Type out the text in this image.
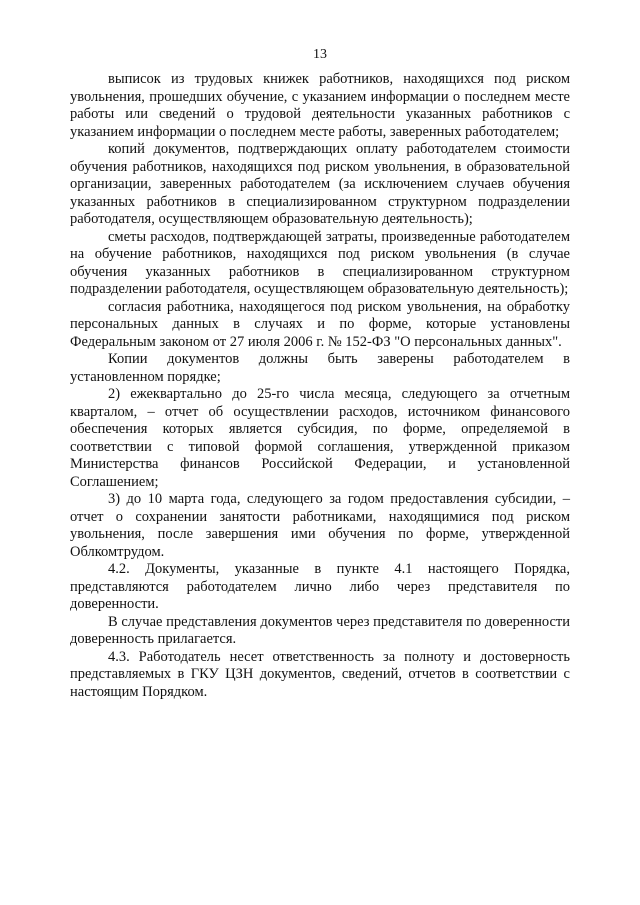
13

выписок из трудовых книжек работников, находящихся под риском увольнения, прошедших обучение, с указанием информации о последнем месте работы или сведений о трудовой деятельности указанных работников с указанием информации о последнем месте работы, заверенных работодателем;

копий документов, подтверждающих оплату работодателем стоимости обучения работников, находящихся под риском увольнения, в образовательной организации, заверенных работодателем (за исключением случаев обучения указанных работников в специализированном структурном подразделении работодателя, осуществляющем образовательную деятельность);

сметы расходов, подтверждающей затраты, произведенные работодателем на обучение работников, находящихся под риском увольнения (в случае обучения указанных работников в специализированном структурном подразделении работодателя, осуществляющем образовательную деятельность);

согласия работника, находящегося под риском увольнения, на обработку персональных данных в случаях и по форме, которые установлены Федеральным законом от 27 июля 2006 г. № 152-ФЗ "О персональных данных".

Копии документов должны быть заверены работодателем в установленном порядке;

2) ежеквартально до 25-го числа месяца, следующего за отчетным кварталом, – отчет об осуществлении расходов, источником финансового обеспечения которых является субсидия, по форме, определяемой в соответствии с типовой формой соглашения, утвержденной приказом Министерства финансов Российской Федерации, и установленной Соглашением;

3) до 10 марта года, следующего за годом предоставления субсидии, – отчет о сохранении занятости работниками, находящимися под риском увольнения, после завершения ими обучения по форме, утвержденной Облкомтрудом.

4.2. Документы, указанные в пункте 4.1 настоящего Порядка, представляются работодателем лично либо через представителя по доверенности.

В случае представления документов через представителя по доверенности доверенность прилагается.

4.3. Работодатель несет ответственность за полноту и достоверность представляемых в ГКУ ЦЗН документов, сведений, отчетов в соответствии с настоящим Порядком.
